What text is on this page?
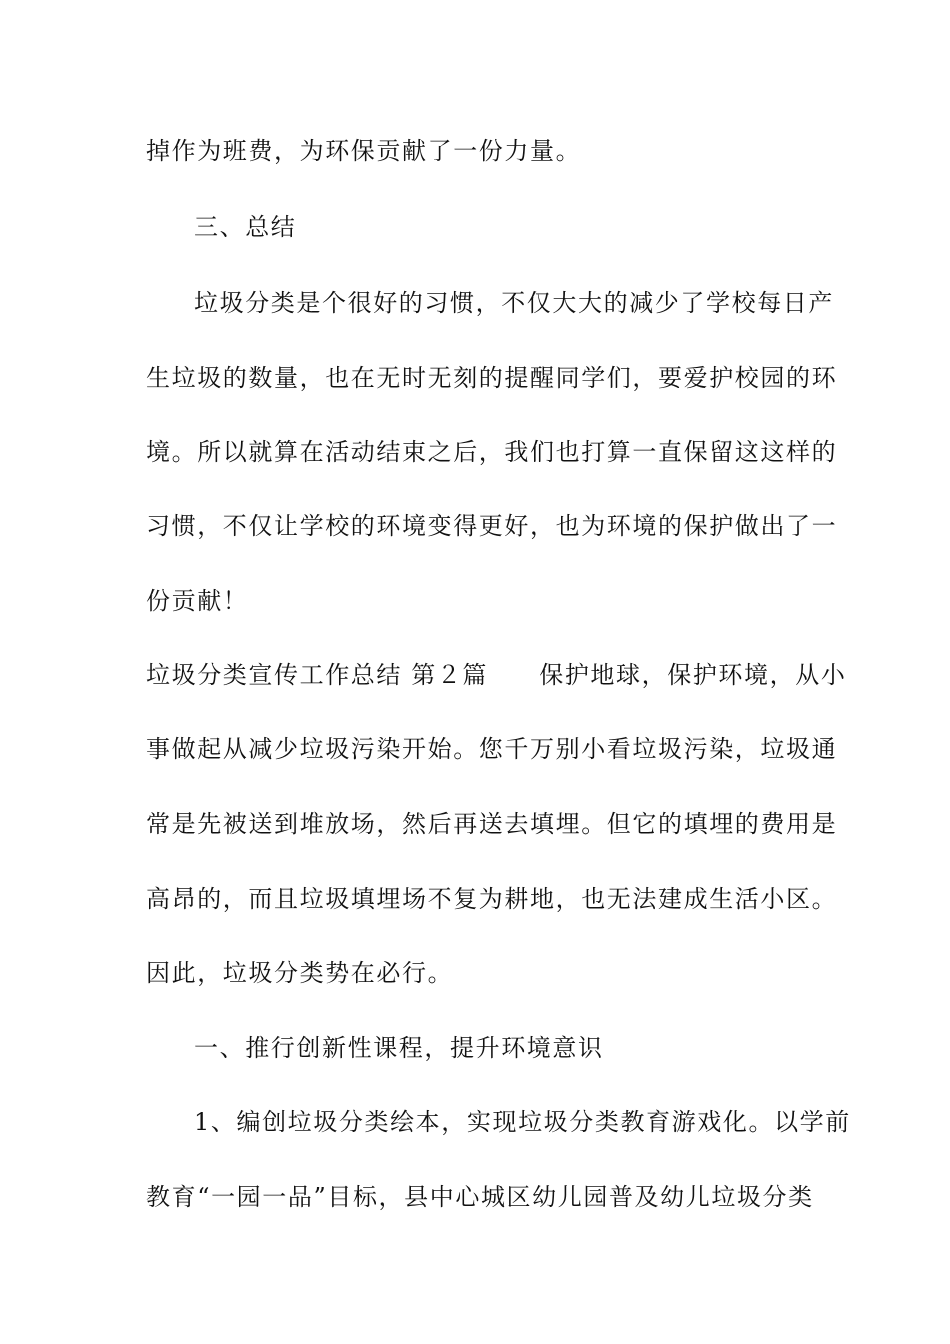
掉作为班费，为环保贡献了一份力量。
三、总结
垃圾分类是个很好的习惯，不仅大大的减少了学校每日产
生垃圾的数量，也在无时无刻的提醒同学们，要爱护校园的环
境。所以就算在活动结束之后，我们也打算一直保留这这样的
习惯，不仅让学校的环境变得更好，也为环境的保护做出了一
份贡献！
垃圾分类宣传工作总结 第２篇　　保护地球，保护环境，从小
事做起从减少垃圾污染开始。您千万别小看垃圾污染，垃圾通
常是先被送到堆放场，然后再送去填埋。但它的填埋的费用是
高昂的，而且垃圾填埋场不复为耕地，也无法建成生活小区。
因此，垃圾分类势在必行。
一、推行创新性课程，提升环境意识
1、编创垃圾分类绘本，实现垃圾分类教育游戏化。以学前
教育“一园一品”目标，县中心城区幼儿园普及幼儿垃圾分类
